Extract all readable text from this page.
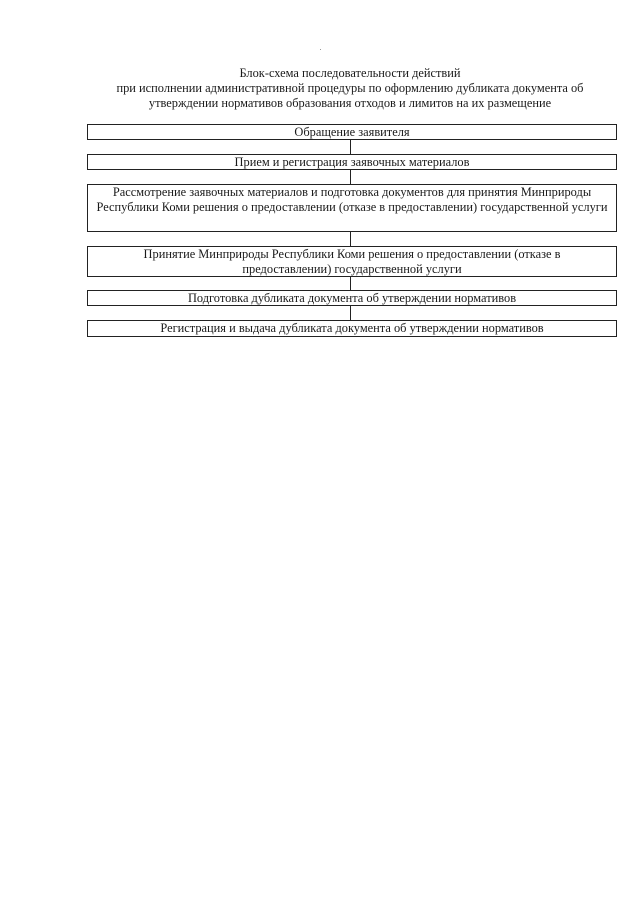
Блок-схема последовательности действий
при исполнении административной процедуры по оформлению дубликата документа об
утверждении нормативов образования отходов и лимитов на их размещение
Обращение заявителя
Прием и регистрация заявочных материалов
Рассмотрение заявочных материалов и подготовка документов для принятия Минприроды Республики Коми решения о предоставлении (отказе в предоставлении) государственной услуги
Принятие Минприроды Республики Коми решения о предоставлении (отказе в предоставлении) государственной услуги
Подготовка дубликата документа об утверждении нормативов
Регистрация и выдача дубликата документа об утверждении нормативов
